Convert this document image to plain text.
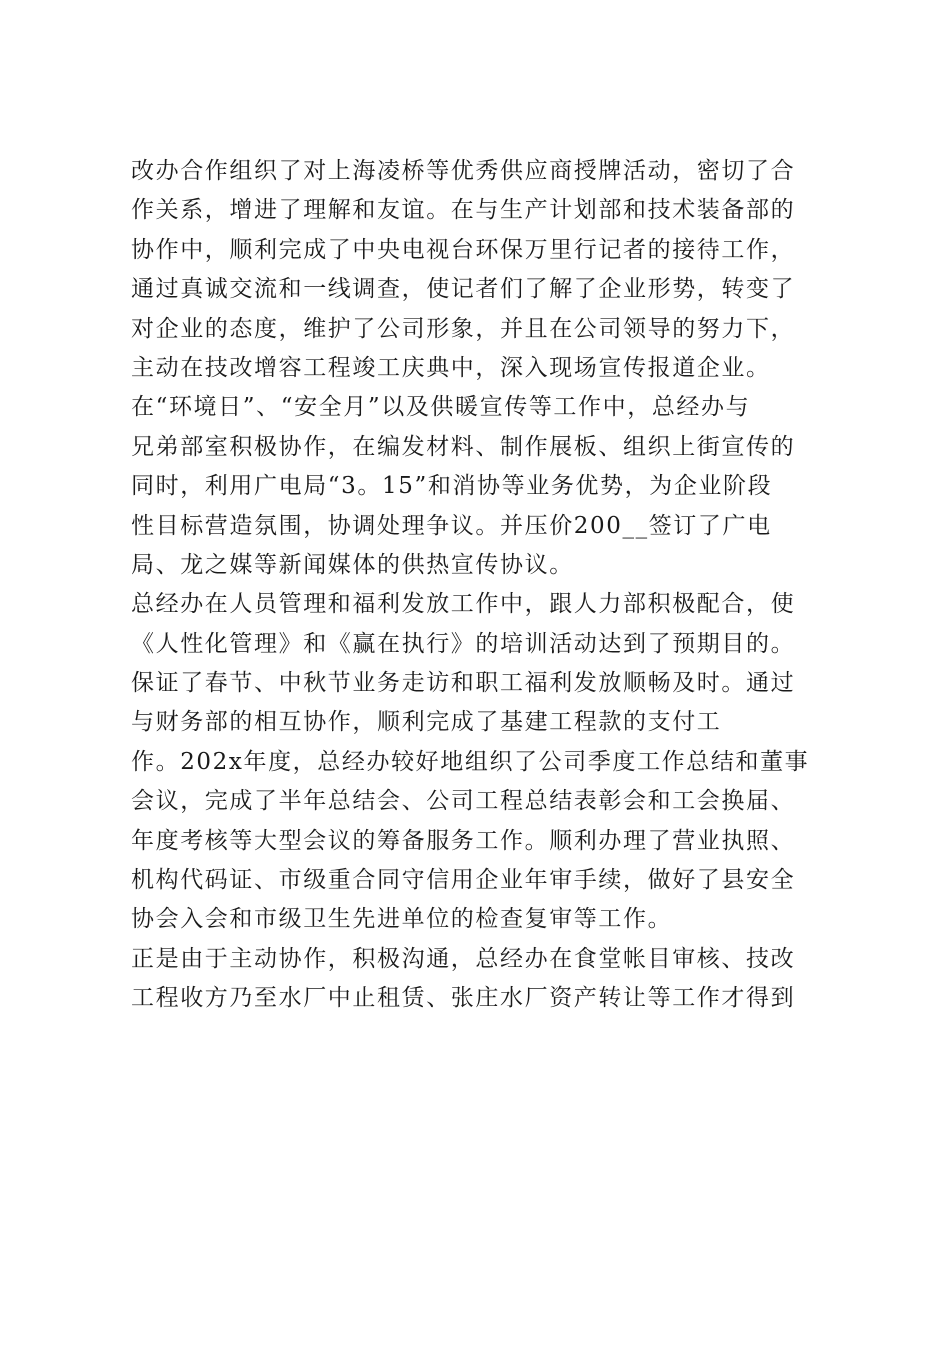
改办合作组织了对上海凌桥等优秀供应商授牌活动，密切了合
作关系，增进了理解和友谊。在与生产计划部和技术装备部的
协作中，顺利完成了中央电视台环保万里行记者的接待工作，
通过真诚交流和一线调查，使记者们了解了企业形势，转变了
对企业的态度，维护了公司形象，并且在公司领导的努力下，
主动在技改增容工程竣工庆典中，深入现场宣传报道企业。
在“环境日”、“安全月”以及供暖宣传等工作中，总经办与
兄弟部室积极协作，在编发材料、制作展板、组织上街宣传的
同时，利用广电局“3。15”和消协等业务优势，为企业阶段
性目标营造氛围，协调处理争议。并压价200__签订了广电
局、龙之媒等新闻媒体的供热宣传协议。
总经办在人员管理和福利发放工作中，跟人力部积极配合，使
《人性化管理》和《赢在执行》的培训活动达到了预期目的。
保证了春节、中秋节业务走访和职工福利发放顺畅及时。通过
与财务部的相互协作，顺利完成了基建工程款的支付工
作。202x年度，总经办较好地组织了公司季度工作总结和董事
会议，完成了半年总结会、公司工程总结表彰会和工会换届、
年度考核等大型会议的筹备服务工作。顺利办理了营业执照、
机构代码证、市级重合同守信用企业年审手续，做好了县安全
协会入会和市级卫生先进单位的检查复审等工作。
正是由于主动协作，积极沟通，总经办在食堂帐目审核、技改
工程收方乃至水厂中止租赁、张庄水厂资产转让等工作才得到
